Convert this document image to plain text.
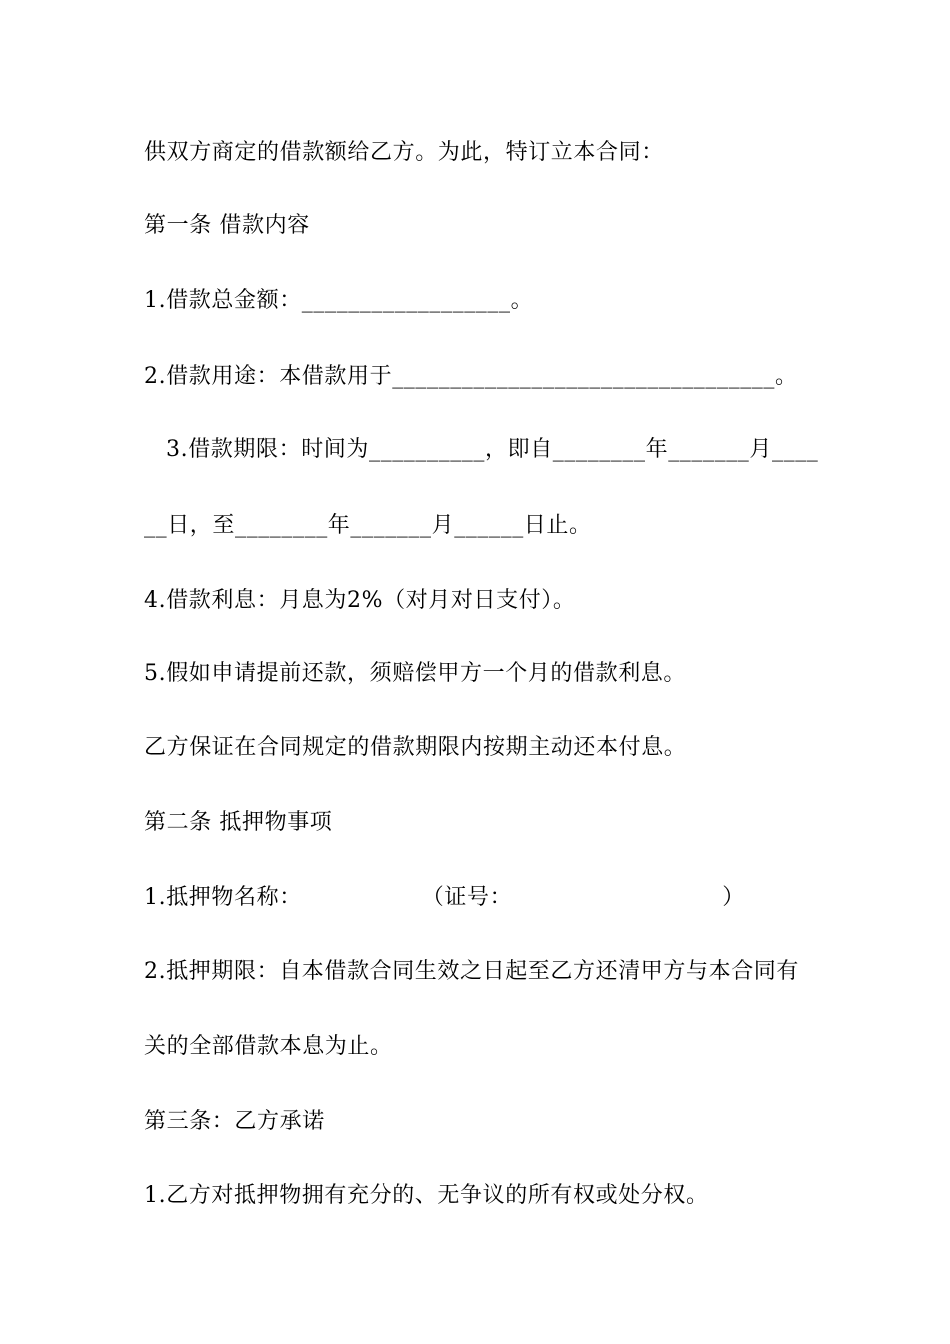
供双方商定的借款额给乙方。为此，特订立本合同：
第一条 借款内容
1.借款总金额：__________________。
2.借款用途：本借款用于_________________________________。
3.借款期限：时间为__________，即自________年_______月____
__日，至________年_______月______日止。
4.借款利息：月息为2%（对月对日支付）。
5.假如申请提前还款，须赔偿甲方一个月的借款利息。
乙方保证在合同规定的借款期限内按期主动还本付息。
第二条 抵押物事项
1.抵押物名称：	（证号：	）
2.抵押期限：自本借款合同生效之日起至乙方还清甲方与本合同有
关的全部借款本息为止。
第三条：乙方承诺
1.乙方对抵押物拥有充分的、无争议的所有权或处分权。
